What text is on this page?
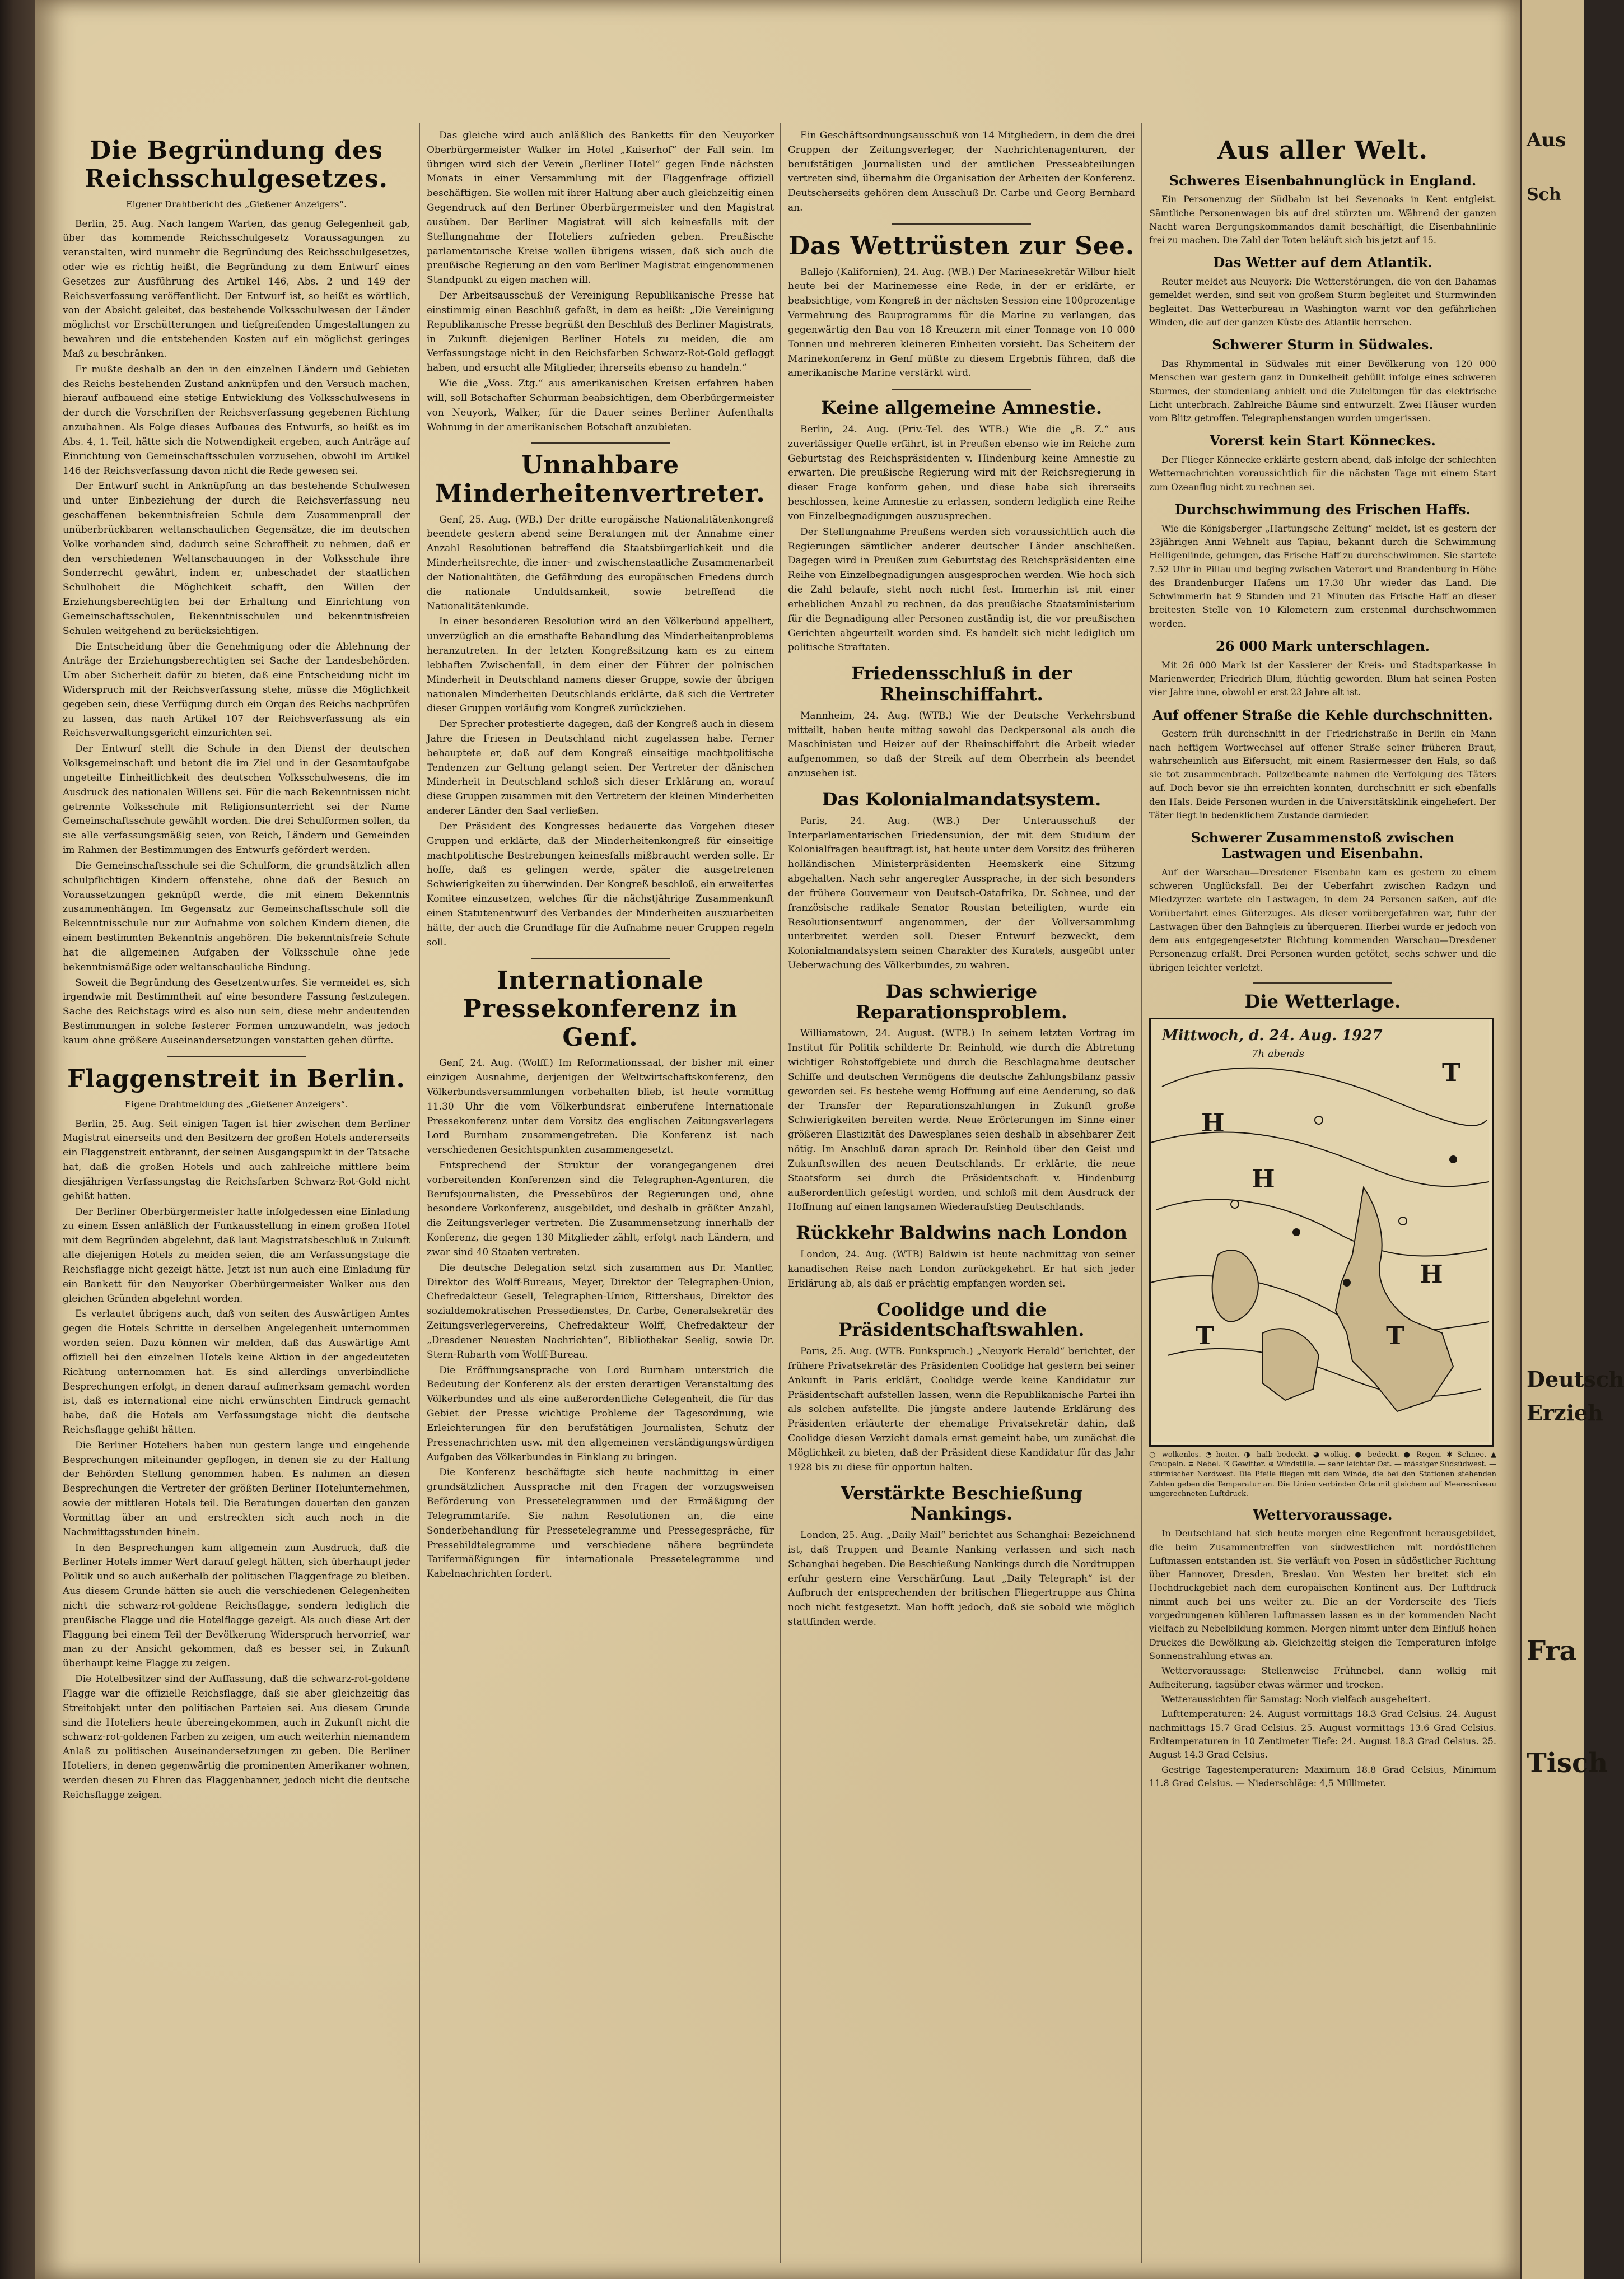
Die Begründung des Reichsschulgesetzes.
Eigener Drahtbericht des „Gießener Anzeigers“.

Berlin, 25. Aug. Nach langem Warten, das genug Gelegenheit gab, über das kommende Reichsschulgesetz Voraussagungen zu veranstalten, wird nunmehr die Begründung des Reichsschulgesetzes, oder wie es richtig heißt, die Begründung zu dem Entwurf eines Gesetzes zur Ausführung des Artikel 146, Abs. 2 und 149 der Reichsverfassung veröffentlicht. Der Entwurf ist, so heißt es wörtlich, von der Absicht geleitet, das bestehende Volksschulwesen der Länder möglichst vor Erschütterungen und tiefgreifenden Umgestaltungen zu bewahren und die entstehenden Kosten auf ein möglichst geringes Maß zu beschränken.

Er mußte deshalb an den in den einzelnen Ländern und Gebieten des Reichs bestehenden Zustand anknüpfen und den Versuch machen, hierauf aufbauend eine stetige Entwicklung des Volksschulwesens in der durch die Vorschriften der Reichsverfassung gegebenen Richtung anzubahnen. Als Folge dieses Aufbaues des Entwurfs, so heißt es im Abs. 4, 1. Teil, hätte sich die Notwendigkeit ergeben, auch Anträge auf Einrichtung von Gemeinschaftsschulen vorzusehen, obwohl im Artikel 146 der Reichsverfassung davon nicht die Rede gewesen sei.

Der Entwurf sucht in Anknüpfung an das bestehende Schulwesen und unter Einbeziehung der durch die Reichsverfassung neu geschaffenen bekenntnisfreien Schule dem Zusammenprall der unüberbrückbaren weltanschaulichen Gegensätze, die im deutschen Volke vorhanden sind, dadurch seine Schroffheit zu nehmen, daß er den verschiedenen Weltanschauungen in der Volksschule ihre Sonderrecht gewährt, indem er, unbeschadet der staatlichen Schulhoheit die Möglichkeit schafft, den Willen der Erziehungsberechtigten bei der Erhaltung und Einrichtung von Gemeinschaftsschulen, Bekenntnisschulen und bekenntnisfreien Schulen weitgehend zu berücksichtigen.

Die Entscheidung über die Genehmigung oder die Ablehnung der Anträge der Erziehungsberechtigten sei Sache der Landesbehörden. Um aber Sicherheit dafür zu bieten, daß eine Entscheidung nicht im Widerspruch mit der Reichsverfassung stehe, müsse die Möglichkeit gegeben sein, diese Verfügung durch ein Organ des Reichs nachprüfen zu lassen, das nach Artikel 107 der Reichsverfassung als ein Reichsverwaltungsgericht einzurichten sei.

Der Entwurf stellt die Schule in den Dienst der deutschen Volksgemeinschaft und betont die im Ziel und in der Gesamtaufgabe ungeteilte Einheitlichkeit des deutschen Volksschulwesens, die im Ausdruck des nationalen Willens sei. Für die nach Bekenntnissen nicht getrennte Volksschule mit Religionsunterricht sei der Name Gemeinschaftsschule gewählt worden. Die drei Schulformen sollen, da sie alle verfassungsmäßig seien, von Reich, Ländern und Gemeinden im Rahmen der Bestimmungen des Entwurfs gefördert werden.

Die Gemeinschaftsschule sei die Schulform, die grundsätzlich allen schulpflichtigen Kindern offenstehe, ohne daß der Besuch an Voraussetzungen geknüpft werde, die mit einem Bekenntnis zusammenhängen. Im Gegensatz zur Gemeinschaftsschule soll die Bekenntnisschule nur zur Aufnahme von solchen Kindern dienen, die einem bestimmten Bekenntnis angehören. Die bekenntnisfreie Schule hat die allgemeinen Aufgaben der Volksschule ohne jede bekenntnismäßige oder weltanschauliche Bindung.

Soweit die Begründung des Gesetzentwurfes. Sie vermeidet es, sich irgendwie mit Bestimmtheit auf eine besondere Fassung festzulegen. Sache des Reichstags wird es also nun sein, diese mehr andeutenden Bestimmungen in solche festerer Formen umzuwandeln, was jedoch kaum ohne größere Auseinandersetzungen vonstatten gehen dürfte.

Flaggenstreit in Berlin.
Eigene Drahtmeldung des „Gießener Anzeigers“.

Berlin, 25. Aug. Seit einigen Tagen ist hier zwischen dem Berliner Magistrat einerseits und den Besitzern der großen Hotels andererseits ein Flaggenstreit entbrannt, der seinen Ausgangspunkt in der Tatsache hat, daß die großen Hotels und auch zahlreiche mittlere beim diesjährigen Verfassungstag die Reichsfarben Schwarz-Rot-Gold nicht gehißt hatten.

Der Berliner Oberbürgermeister hatte infolgedessen eine Einladung zu einem Essen anläßlich der Funkausstellung in einem großen Hotel mit dem Begründen abgelehnt, daß laut Magistratsbeschluß in Zukunft alle diejenigen Hotels zu meiden seien, die am Verfassungstage die Reichsflagge nicht gezeigt hätte. Jetzt ist nun auch eine Einladung für ein Bankett für den Neuyorker Oberbürgermeister Walker aus den gleichen Gründen abgelehnt worden.

Es verlautet übrigens auch, daß von seiten des Auswärtigen Amtes gegen die Hotels Schritte in derselben Angelegenheit unternommen worden seien. Dazu können wir melden, daß das Auswärtige Amt offiziell bei den einzelnen Hotels keine Aktion in der angedeuteten Richtung unternommen hat. Es sind allerdings unverbindliche Besprechungen erfolgt, in denen darauf aufmerksam gemacht worden ist, daß es international eine nicht erwünschten Eindruck gemacht habe, daß die Hotels am Verfassungstage nicht die deutsche Reichsflagge gehißt hätten.

Die Berliner Hoteliers haben nun gestern lange und eingehende Besprechungen miteinander gepflogen, in denen sie zu der Haltung der Behörden Stellung genommen haben. Es nahmen an diesen Besprechungen die Vertreter der größten Berliner Hotelunternehmen, sowie der mittleren Hotels teil. Die Beratungen dauerten den ganzen Vormittag über an und erstreckten sich auch noch in die Nachmittagsstunden hinein.

In den Besprechungen kam allgemein zum Ausdruck, daß die Berliner Hotels immer Wert darauf gelegt hätten, sich überhaupt jeder Politik und so auch außerhalb der politischen Flaggenfrage zu bleiben. Aus diesem Grunde hätten sie auch die verschiedenen Gelegenheiten nicht die schwarz-rot-goldene Reichsflagge, sondern lediglich die preußische Flagge und die Hotelflagge gezeigt. Als auch diese Art der Flaggung bei einem Teil der Bevölkerung Widerspruch hervorrief, war man zu der Ansicht gekommen, daß es besser sei, in Zukunft überhaupt keine Flagge zu zeigen.

Die Hotelbesitzer sind der Auffassung, daß die schwarz-rot-goldene Flagge war die offizielle Reichsflagge, daß sie aber gleichzeitig das Streitobjekt unter den politischen Parteien sei. Aus diesem Grunde sind die Hoteliers heute übereingekommen, auch in Zukunft nicht die schwarz-rot-goldenen Farben zu zeigen, um auch weiterhin niemandem Anlaß zu politischen Auseinandersetzungen zu geben. Die Berliner Hoteliers, in denen gegenwärtig die prominenten Amerikaner wohnen, werden diesen zu Ehren das Flaggenbanner, jedoch nicht die deutsche Reichsflagge zeigen.

Das gleiche wird auch anläßlich des Banketts für den Neuyorker Oberbürgermeister Walker im Hotel „Kaiserhof“ der Fall sein. Im übrigen wird sich der Verein „Berliner Hotel“ gegen Ende nächsten Monats in einer Versammlung mit der Flaggenfrage offiziell beschäftigen. Sie wollen mit ihrer Haltung aber auch gleichzeitig einen Gegendruck auf den Berliner Oberbürgermeister und den Magistrat ausüben. Der Berliner Magistrat will sich keinesfalls mit der Stellungnahme der Hoteliers zufrieden geben. Preußische parlamentarische Kreise wollen übrigens wissen, daß sich auch die preußische Regierung an den vom Berliner Magistrat eingenommenen Standpunkt zu eigen machen will.

Der Arbeitsausschuß der Vereinigung Republikanische Presse hat einstimmig einen Beschluß gefaßt, in dem es heißt: „Die Vereinigung Republikanische Presse begrüßt den Beschluß des Berliner Magistrats, in Zukunft diejenigen Berliner Hotels zu meiden, die am Verfassungstage nicht in den Reichsfarben Schwarz-Rot-Gold geflaggt haben, und ersucht alle Mitglieder, ihrerseits ebenso zu handeln.“

Wie die „Voss. Ztg.“ aus amerikanischen Kreisen erfahren haben will, soll Botschafter Schurman beabsichtigen, dem Oberbürgermeister von Neuyork, Walker, für die Dauer seines Berliner Aufenthalts Wohnung in der amerikanischen Botschaft anzubieten.

Unnahbare Minderheitenvertreter.

Genf, 25. Aug. (WB.) Der dritte europäische Nationalitätenkongreß beendete gestern abend seine Beratungen mit der Annahme einer Anzahl Resolutionen betreffend die Staatsbürgerlichkeit und die Minderheitsrechte, die inner- und zwischenstaatliche Zusammenarbeit der Nationalitäten, die Gefährdung des europäischen Friedens durch die nationale Unduldsamkeit, sowie betreffend die Nationalitätenkunde.

In einer besonderen Resolution wird an den Völkerbund appelliert, unverzüglich an die ernsthafte Behandlung des Minderheitenproblems heranzutreten. In der letzten Kongreßsitzung kam es zu einem lebhaften Zwischenfall, in dem einer der Führer der polnischen Minderheit in Deutschland namens dieser Gruppe, sowie der übrigen nationalen Minderheiten Deutschlands erklärte, daß sich die Vertreter dieser Gruppen vorläufig vom Kongreß zurückziehen.

Der Sprecher protestierte dagegen, daß der Kongreß auch in diesem Jahre die Friesen in Deutschland nicht zugelassen habe. Ferner behauptete er, daß auf dem Kongreß einseitige machtpolitische Tendenzen zur Geltung gelangt seien. Der Vertreter der dänischen Minderheit in Deutschland schloß sich dieser Erklärung an, worauf diese Gruppen zusammen mit den Vertretern der kleinen Minderheiten anderer Länder den Saal verließen.

Der Präsident des Kongresses bedauerte das Vorgehen dieser Gruppen und erklärte, daß der Minderheitenkongreß für einseitige machtpolitische Bestrebungen keinesfalls mißbraucht werden solle. Er hoffe, daß es gelingen werde, später die ausgetretenen Schwierigkeiten zu überwinden. Der Kongreß beschloß, ein erweitertes Komitee einzusetzen, welches für die nächstjährige Zusammenkunft einen Statutenentwurf des Verbandes der Minderheiten auszuarbeiten hätte, der auch die Grundlage für die Aufnahme neuer Gruppen regeln soll.

Internationale Pressekonferenz in Genf.

Genf, 24. Aug. (Wolff.) Im Reformationssaal, der bisher mit einer einzigen Ausnahme, derjenigen der Weltwirtschaftskonferenz, den Völkerbundsversammlungen vorbehalten blieb, ist heute vormittag 11.30 Uhr die vom Völkerbundsrat einberufene Internationale Pressekonferenz unter dem Vorsitz des englischen Zeitungsverlegers Lord Burnham zusammengetreten. Die Konferenz ist nach verschiedenen Gesichtspunkten zusammengesetzt.

Entsprechend der Struktur der vorangegangenen drei vorbereitenden Konferenzen sind die Telegraphen-Agenturen, die Berufsjournalisten, die Pressebüros der Regierungen und, ohne besondere Vorkonferenz, ausgebildet, und deshalb in größter Anzahl, die Zeitungsverleger vertreten. Die Zusammensetzung innerhalb der Konferenz, die gegen 130 Mitglieder zählt, erfolgt nach Ländern, und zwar sind 40 Staaten vertreten.

Die deutsche Delegation setzt sich zusammen aus Dr. Mantler, Direktor des Wolff-Bureaus, Meyer, Direktor der Telegraphen-Union, Chefredakteur Gesell, Telegraphen-Union, Rittershaus, Direktor des sozialdemokratischen Pressedienstes, Dr. Carbe, Generalsekretär des Zeitungsverlegervereins, Chefredakteur Wolff, Chefredakteur der „Dresdener Neuesten Nachrichten“, Bibliothekar Seelig, sowie Dr. Stern-Rubarth vom Wolff-Bureau.

Die Eröffnungsansprache von Lord Burnham unterstrich die Bedeutung der Konferenz als der ersten derartigen Veranstaltung des Völkerbundes und als eine außerordentliche Gelegenheit, die für das Gebiet der Presse wichtige Probleme der Tagesordnung, wie Erleichterungen für den berufstätigen Journalisten, Schutz der Pressenachrichten usw. mit den allgemeinen verständigungswürdigen Aufgaben des Völkerbundes in Einklang zu bringen.

Die Konferenz beschäftigte sich heute nachmittag in einer grundsätzlichen Aussprache mit den Fragen der vorzugsweisen Beförderung von Pressetelegrammen und der Ermäßigung der Telegrammtarife. Sie nahm Resolutionen an, die eine Sonderbehandlung für Pressetelegramme und Pressegespräche, für Pressebildtelegramme und verschiedene nähere begründete Tarifermäßigungen für internationale Pressetelegramme und Kabelnachrichten fordert.

Ein Geschäftsordnungsausschuß von 14 Mitgliedern, in dem die drei Gruppen der Zeitungsverleger, der Nachrichtenagenturen, der berufstätigen Journalisten und der amtlichen Presseabteilungen vertreten sind, übernahm die Organisation der Arbeiten der Konferenz. Deutscherseits gehören dem Ausschuß Dr. Carbe und Georg Bernhard an.

Das Wettrüsten zur See.

Ballejo (Kalifornien), 24. Aug. (WB.) Der Marinesekretär Wilbur hielt heute bei der Marinemesse eine Rede, in der er erklärte, er beabsichtige, vom Kongreß in der nächsten Session eine 100prozentige Vermehrung des Bauprogramms für die Marine zu verlangen, das gegenwärtig den Bau von 18 Kreuzern mit einer Tonnage von 10 000 Tonnen und mehreren kleineren Einheiten vorsieht. Das Scheitern der Marinekonferenz in Genf müßte zu diesem Ergebnis führen, daß die amerikanische Marine verstärkt wird.

Keine allgemeine Amnestie.

Berlin, 24. Aug. (Priv.-Tel. des WTB.) Wie die „B. Z.“ aus zuverlässiger Quelle erfährt, ist in Preußen ebenso wie im Reiche zum Geburtstag des Reichspräsidenten v. Hindenburg keine Amnestie zu erwarten. Die preußische Regierung wird mit der Reichsregierung in dieser Frage konform gehen, und diese habe sich ihrerseits beschlossen, keine Amnestie zu erlassen, sondern lediglich eine Reihe von Einzelbegnadigungen auszusprechen.

Der Stellungnahme Preußens werden sich voraussichtlich auch die Regierungen sämtlicher anderer deutscher Länder anschließen. Dagegen wird in Preußen zum Geburtstag des Reichspräsidenten eine Reihe von Einzelbegnadigungen ausgesprochen werden. Wie hoch sich die Zahl belaufe, steht noch nicht fest. Immerhin ist mit einer erheblichen Anzahl zu rechnen, da das preußische Staatsministerium für die Begnadigung aller Personen zuständig ist, die vor preußischen Gerichten abgeurteilt worden sind. Es handelt sich nicht lediglich um politische Straftaten.

Friedensschluß in der Rheinschiffahrt.

Mannheim, 24. Aug. (WTB.) Wie der Deutsche Verkehrsbund mitteilt, haben heute mittag sowohl das Deckpersonal als auch die Maschinisten und Heizer auf der Rheinschiffahrt die Arbeit wieder aufgenommen, so daß der Streik auf dem Oberrhein als beendet anzusehen ist.

Das Kolonialmandatsystem.

Paris, 24. Aug. (WB.) Der Unterausschuß der Interparlamentarischen Friedensunion, der mit dem Studium der Kolonialfragen beauftragt ist, hat heute unter dem Vorsitz des früheren holländischen Ministerpräsidenten Heemskerk eine Sitzung abgehalten. Nach sehr angeregter Aussprache, in der sich besonders der frühere Gouverneur von Deutsch-Ostafrika, Dr. Schnee, und der französische radikale Senator Roustan beteiligten, wurde ein Resolutionsentwurf angenommen, der der Vollversammlung unterbreitet werden soll. Dieser Entwurf bezweckt, dem Kolonialmandatsystem seinen Charakter des Kuratels, ausgeübt unter Ueberwachung des Völkerbundes, zu wahren.

Das schwierige Reparationsproblem.

Williamstown, 24. August. (WTB.) In seinem letzten Vortrag im Institut für Politik schilderte Dr. Reinhold, wie durch die Abtretung wichtiger Rohstoffgebiete und durch die Beschlagnahme deutscher Schiffe und deutschen Vermögens die deutsche Zahlungsbilanz passiv geworden sei. Es bestehe wenig Hoffnung auf eine Aenderung, so daß der Transfer der Reparationszahlungen in Zukunft große Schwierigkeiten bereiten werde. Neue Erörterungen im Sinne einer größeren Elastizität des Dawesplanes seien deshalb in absehbarer Zeit nötig. Im Anschluß daran sprach Dr. Reinhold über den Geist und Zukunftswillen des neuen Deutschlands. Er erklärte, die neue Staatsform sei durch die Präsidentschaft v. Hindenburg außerordentlich gefestigt worden, und schloß mit dem Ausdruck der Hoffnung auf einen langsamen Wiederaufstieg Deutschlands.

Rückkehr Baldwins nach London

London, 24. Aug. (WTB) Baldwin ist heute nachmittag von seiner kanadischen Reise nach London zurückgekehrt. Er hat sich jeder Erklärung ab, als daß er prächtig empfangen worden sei.

Coolidge und die Präsidentschaftswahlen.

Paris, 25. Aug. (WTB. Funkspruch.) „Neuyork Herald“ berichtet, der frühere Privatsekretär des Präsidenten Coolidge hat gestern bei seiner Ankunft in Paris erklärt, Coolidge werde keine Kandidatur zur Präsidentschaft aufstellen lassen, wenn die Republikanische Partei ihn als solchen aufstellte. Die jüngste andere lautende Erklärung des Präsidenten erläuterte der ehemalige Privatsekretär dahin, daß Coolidge diesen Verzicht damals ernst gemeint habe, um zunächst die Möglichkeit zu bieten, daß der Präsident diese Kandidatur für das Jahr 1928 bis zu diese für opportun halten.

Verstärkte Beschießung Nankings.

London, 25. Aug. „Daily Mail“ berichtet aus Schanghai: Bezeichnend ist, daß Truppen und Beamte Nanking verlassen und sich nach Schanghai begeben. Die Beschießung Nankings durch die Nordtruppen erfuhr gestern eine Verschärfung. Laut „Daily Telegraph“ ist der Aufbruch der entsprechenden der britischen Fliegertruppe aus China noch nicht festgesetzt. Man hofft jedoch, daß sie sobald wie möglich stattfinden werde.

Aus aller Welt.
Schweres Eisenbahnunglück in England.

Ein Personenzug der Südbahn ist bei Sevenoaks in Kent entgleist. Sämtliche Personenwagen bis auf drei stürzten um. Während der ganzen Nacht waren Bergungskommandos damit beschäftigt, die Eisenbahnlinie frei zu machen. Die Zahl der Toten beläuft sich bis jetzt auf 15.

Das Wetter auf dem Atlantik.

Reuter meldet aus Neuyork: Die Wetterstörungen, die von den Bahamas gemeldet werden, sind seit von großem Sturm begleitet und Sturmwinden begleitet. Das Wetterbureau in Washington warnt vor den gefährlichen Winden, die auf der ganzen Küste des Atlantik herrschen.

Schwerer Sturm in Südwales.

Das Rhymmental in Südwales mit einer Bevölkerung von 120 000 Menschen war gestern ganz in Dunkelheit gehüllt infolge eines schweren Sturmes, der stundenlang anhielt und die Zuleitungen für das elektrische Licht unterbrach. Zahlreiche Bäume sind entwurzelt. Zwei Häuser wurden vom Blitz getroffen. Telegraphenstangen wurden umgerissen.

Vorerst kein Start Könneckes.

Der Flieger Könnecke erklärte gestern abend, daß infolge der schlechten Wetternachrichten voraussichtlich für die nächsten Tage mit einem Start zum Ozeanflug nicht zu rechnen sei.

Durchschwimmung des Frischen Haffs.

Wie die Königsberger „Hartungsche Zeitung“ meldet, ist es gestern der 23jährigen Anni Wehnelt aus Tapiau, bekannt durch die Schwimmung Heiligenlinde, gelungen, das Frische Haff zu durchschwimmen. Sie startete 7.52 Uhr in Pillau und beging zwischen Vaterort und Brandenburg in Höhe des Brandenburger Hafens um 17.30 Uhr wieder das Land. Die Schwimmerin hat 9 Stunden und 21 Minuten das Frische Haff an dieser breitesten Stelle von 10 Kilometern zum erstenmal durchschwommen worden.

26 000 Mark unterschlagen.

Mit 26 000 Mark ist der Kassierer der Kreis- und Stadtsparkasse in Marienwerder, Friedrich Blum, flüchtig geworden. Blum hat seinen Posten vier Jahre inne, obwohl er erst 23 Jahre alt ist.

Auf offener Straße die Kehle durchschnitten.

Gestern früh durchschnitt in der Friedrichstraße in Berlin ein Mann nach heftigem Wortwechsel auf offener Straße seiner früheren Braut, wahrscheinlich aus Eifersucht, mit einem Rasiermesser den Hals, so daß sie tot zusammenbrach. Polizeibeamte nahmen die Verfolgung des Täters auf. Doch bevor sie ihn erreichten konnten, durchschnitt er sich ebenfalls den Hals. Beide Personen wurden in die Universitätsklinik eingeliefert. Der Täter liegt in bedenklichem Zustande darnieder.

Schwerer Zusammenstoß zwischen Lastwagen und Eisenbahn.

Auf der Warschau—Dresdener Eisenbahn kam es gestern zu einem schweren Unglücksfall. Bei der Ueberfahrt zwischen Radzyn und Miedzyrzec wartete ein Lastwagen, in dem 24 Personen saßen, auf die Vorüberfahrt eines Güterzuges. Als dieser vorübergefahren war, fuhr der Lastwagen über den Bahngleis zu überqueren. Hierbei wurde er jedoch von dem aus entgegengesetzter Richtung kommenden Warschau—Dresdener Personenzug erfaßt. Drei Personen wurden getötet, sechs schwer und die übrigen leichter verletzt.

Die Wetterlage.
H
H
T
H
T	T
Mittwoch, d. 24. Aug. 1927
7h abends
○ wolkenlos. ◔ heiter. ◑ halb bedeckt. ◕ wolkig. ● bedeckt. ● Regen. ✱ Schnee. ▲ Graupeln. ≡ Nebel. ☈ Gewitter. ⊕ Windstille. — sehr leichter Ost. — mässiger Südsüdwest. — stürmischer Nordwest. Die Pfeile fliegen mit dem Winde, die bei den Stationen stehenden Zahlen geben die Temperatur an. Die Linien verbinden Orte mit gleichem auf Meeresniveau umgerechneten Luftdruck.
Wettervoraussage.

In Deutschland hat sich heute morgen eine Regenfront herausgebildet, die beim Zusammentreffen von südwestlichen mit nordöstlichen Luftmassen entstanden ist. Sie verläuft von Posen in südöstlicher Richtung über Hannover, Dresden, Breslau. Von Westen her breitet sich ein Hochdruckgebiet nach dem europäischen Kontinent aus. Der Luftdruck nimmt auch bei uns weiter zu. Die an der Vorderseite des Tiefs vorgedrungenen kühleren Luftmassen lassen es in der kommenden Nacht vielfach zu Nebelbildung kommen. Morgen nimmt unter dem Einfluß hohen Druckes die Bewölkung ab. Gleichzeitig steigen die Temperaturen infolge Sonnenstrahlung etwas an.

Wettervoraussage: Stellenweise Frühnebel, dann wolkig mit Aufheiterung, tagsüber etwas wärmer und trocken.

Wetteraussichten für Samstag: Noch vielfach ausgeheitert.

Lufttemperaturen: 24. August vormittags 18.3 Grad Celsius. 24. August nachmittags 15.7 Grad Celsius. 25. August vormittags 13.6 Grad Celsius. Erdtemperaturen in 10 Zentimeter Tiefe: 24. August 18.3 Grad Celsius. 25. August 14.3 Grad Celsius.

Gestrige Tagestemperaturen: Maximum 18.8 Grad Celsius, Minimum 11.8 Grad Celsius. — Niederschläge: 4,5 Millimeter.

Aus
Sch
Deutsch
Erzieh
Fra
Tisch
